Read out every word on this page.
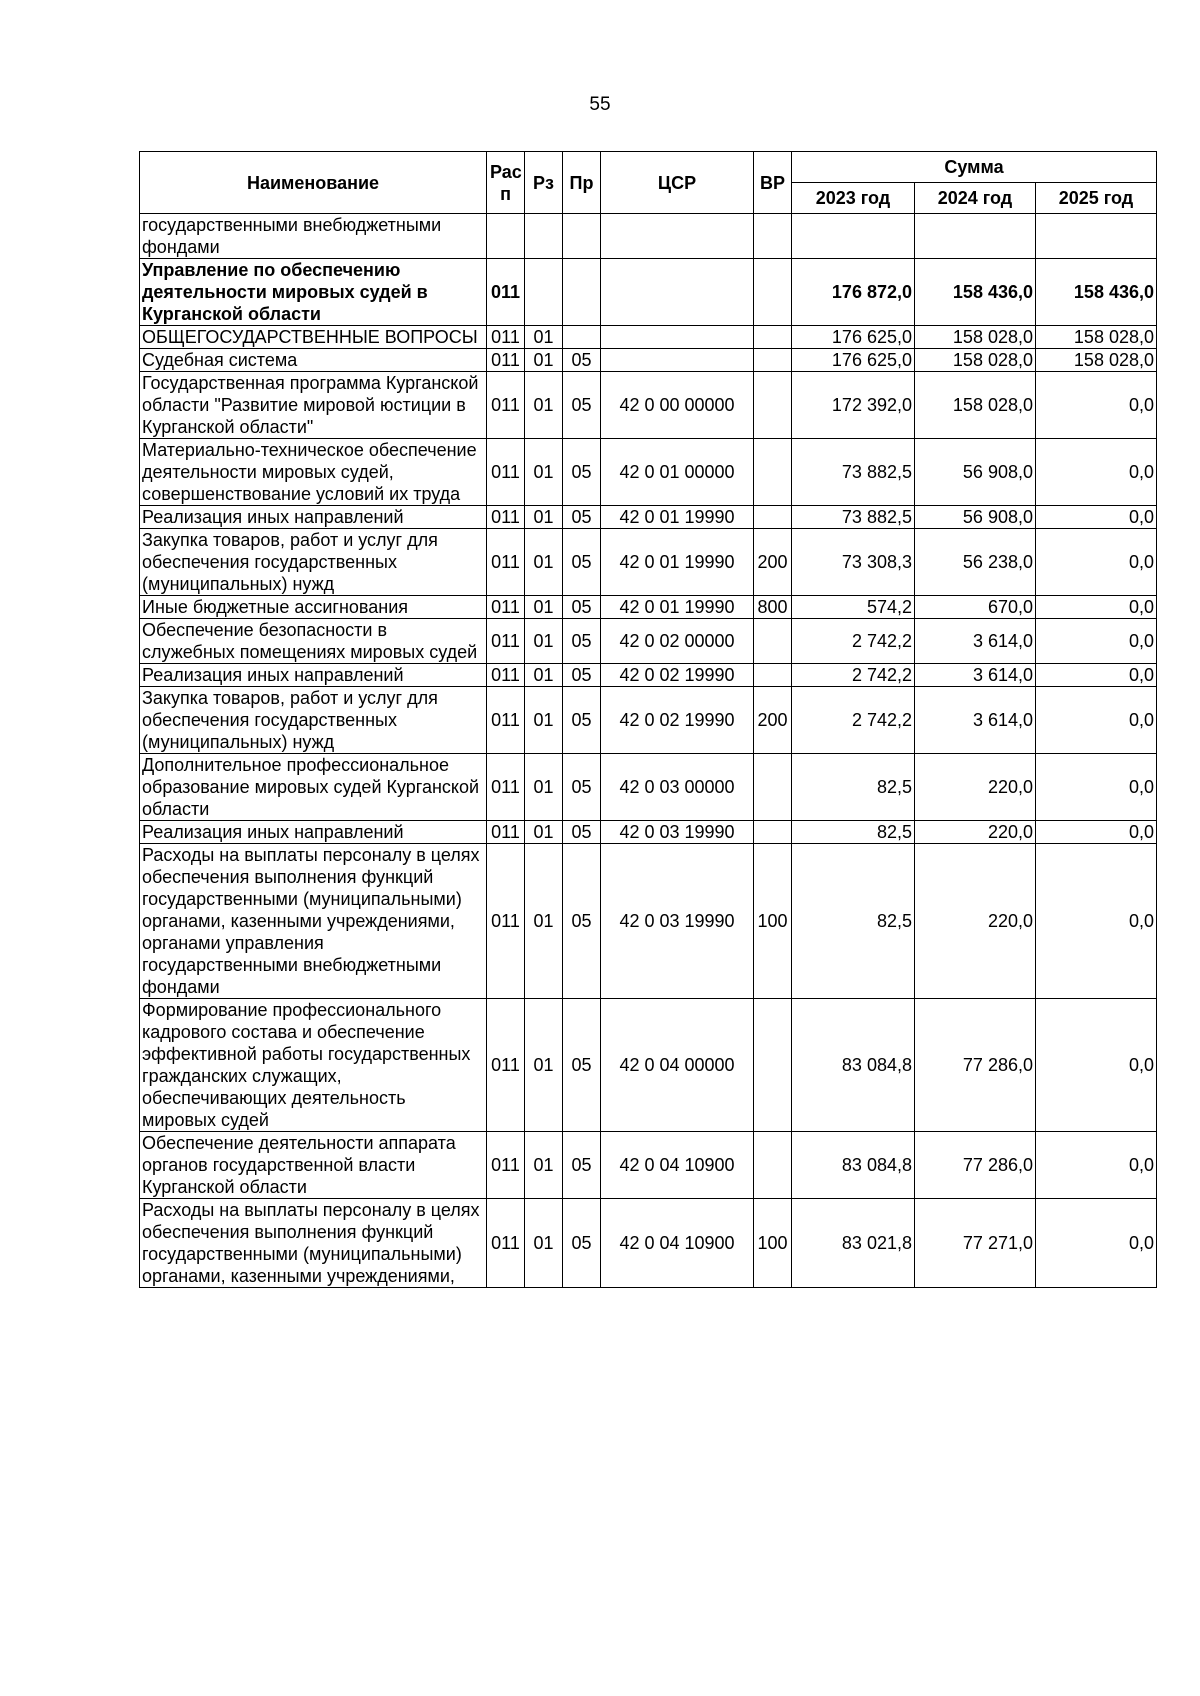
55
Наименование	Рас п	Рз	Пр	ЦСР	ВР	Сумма		
						2023 год	2024 год	2025 год
государственными внебюджетными фондами								
Управление по обеспечению деятельности мировых судей в Курганской области	011					176 872,0	158 436,0	158 436,0
ОБЩЕГОСУДАРСТВЕННЫЕ ВОПРОСЫ	011	01				176 625,0	158 028,0	158 028,0
Судебная система	011	01	05			176 625,0	158 028,0	158 028,0
Государственная программа Курганской области "Развитие мировой юстиции в Курганской области"	011	01	05	42 0 00 00000		172 392,0	158 028,0	0,0
Материально-техническое обеспечение деятельности мировых судей, совершенствование условий их труда	011	01	05	42 0 01 00000		73 882,5	56 908,0	0,0
Реализация иных направлений	011	01	05	42 0 01 19990		73 882,5	56 908,0	0,0
Закупка товаров, работ и услуг для обеспечения государственных (муниципальных) нужд	011	01	05	42 0 01 19990	200	73 308,3	56 238,0	0,0
Иные бюджетные ассигнования	011	01	05	42 0 01 19990	800	574,2	670,0	0,0
Обеспечение безопасности в служебных помещениях мировых судей	011	01	05	42 0 02 00000		2 742,2	3 614,0	0,0
Реализация иных направлений	011	01	05	42 0 02 19990		2 742,2	3 614,0	0,0
Закупка товаров, работ и услуг для обеспечения государственных (муниципальных) нужд	011	01	05	42 0 02 19990	200	2 742,2	3 614,0	0,0
Дополнительное профессиональное образование мировых судей Курганской области	011	01	05	42 0 03 00000		82,5	220,0	0,0
Реализация иных направлений	011	01	05	42 0 03 19990		82,5	220,0	0,0
Расходы на выплаты персоналу в целях обеспечения выполнения функций государственными (муниципальными) органами, казенными учреждениями, органами управления государственными внебюджетными фондами	011	01	05	42 0 03 19990	100	82,5	220,0	0,0
Формирование профессионального кадрового состава и обеспечение эффективной работы государственных гражданских служащих, обеспечивающих деятельность мировых судей	011	01	05	42 0 04 00000		83 084,8	77 286,0	0,0
Обеспечение деятельности аппарата органов государственной власти Курганской области	011	01	05	42 0 04 10900		83 084,8	77 286,0	0,0
Расходы на выплаты персоналу в целях обеспечения выполнения функций государственными (муниципальными) органами, казенными учреждениями,	011	01	05	42 0 04 10900	100	83 021,8	77 271,0	0,0
